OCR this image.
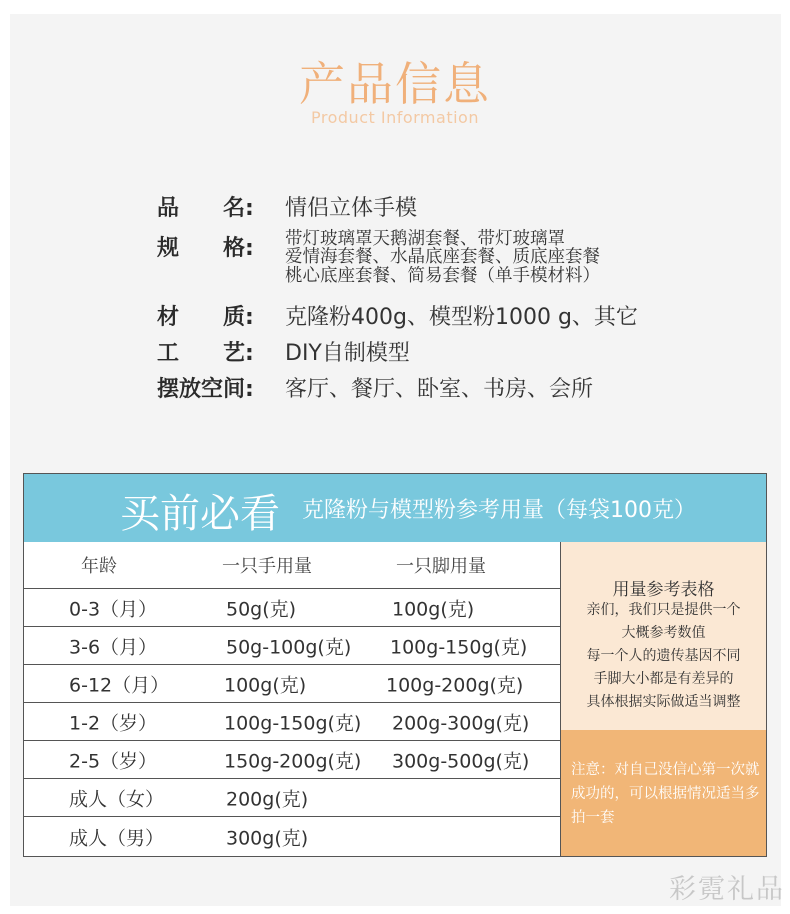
产品信息
Product Information
品　　名: 情侣立体手模
规　　格: 带灯玻璃罩天鹅湖套餐、带灯玻璃罩
爱情海套餐、水晶底座套餐、质底座套餐
桃心底座套餐、简易套餐（单手模材料）
材　　质: 克隆粉400g、模型粉1000 g、其它
工　　艺: DIY自制模型
摆放空间: 客厅、餐厅、卧室、书房、会所
买前必看 克隆粉与模型粉参考用量（每袋100克）
年龄	一只手用量	一只脚用量
0-3（月）	50g(克)	100g(克)
3-6（月）	50g-100g(克) 100g-150g(克)
6-12（月）	100g(克)	100g-200g(克)
1-2（岁）	100g-150g(克) 200g-300g(克)
2-5（岁）	150g-200g(克) 300g-500g(克)
成人（女）	200g(克)
成人（男）	300g(克)
用量参考表格
亲们，我们只是提供一个
大概参考数值
每一个人的遗传基因不同
手脚大小都是有差异的
具体根据实际做适当调整
注意：对自己没信心第一次就成功的，可以根据情况适当多拍一套
彩霓礼品
